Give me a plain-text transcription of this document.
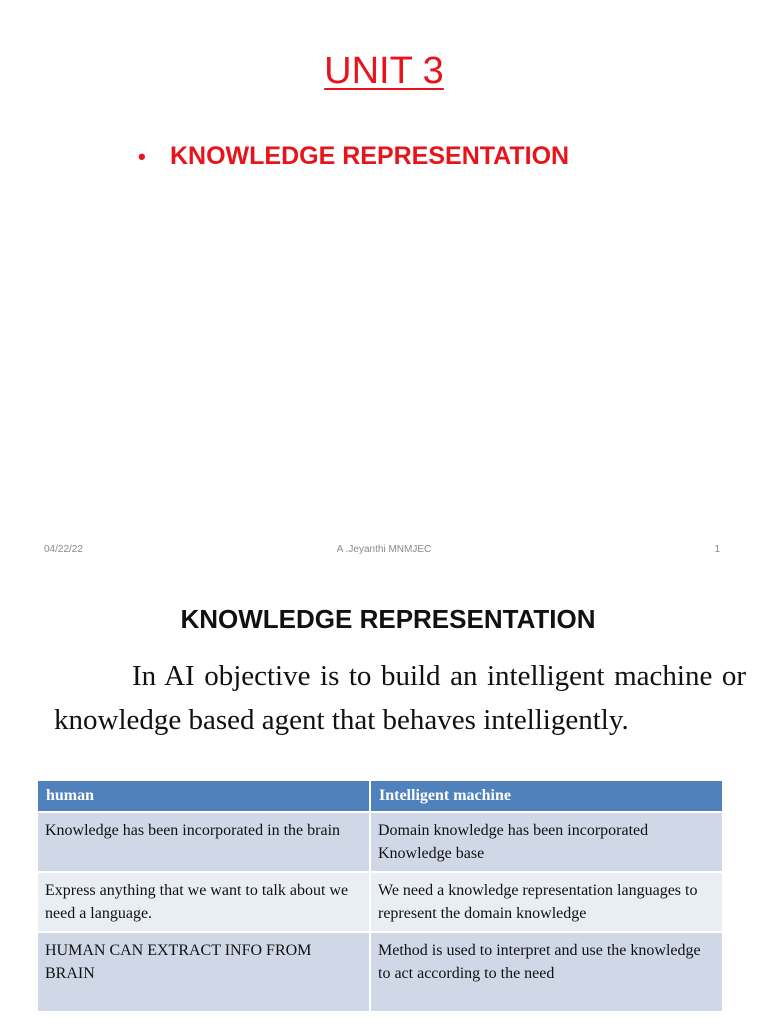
UNIT 3
• KNOWLEDGE REPRESENTATION
04/22/22	A .Jeyanthi MNMJEC	1
KNOWLEDGE REPRESENTATION
In AI objective is to build an intelligent machine or knowledge based agent that behaves intelligently.
human	Intelligent machine
Knowledge has been incorporated in the brain	Domain knowledge has been incorporated Knowledge base
Express anything that we want to talk about we need a language.	We need a knowledge representation languages to represent the domain knowledge
HUMAN CAN EXTRACT INFO FROM BRAIN	Method is used to interpret and use the knowledge to act according to the need
